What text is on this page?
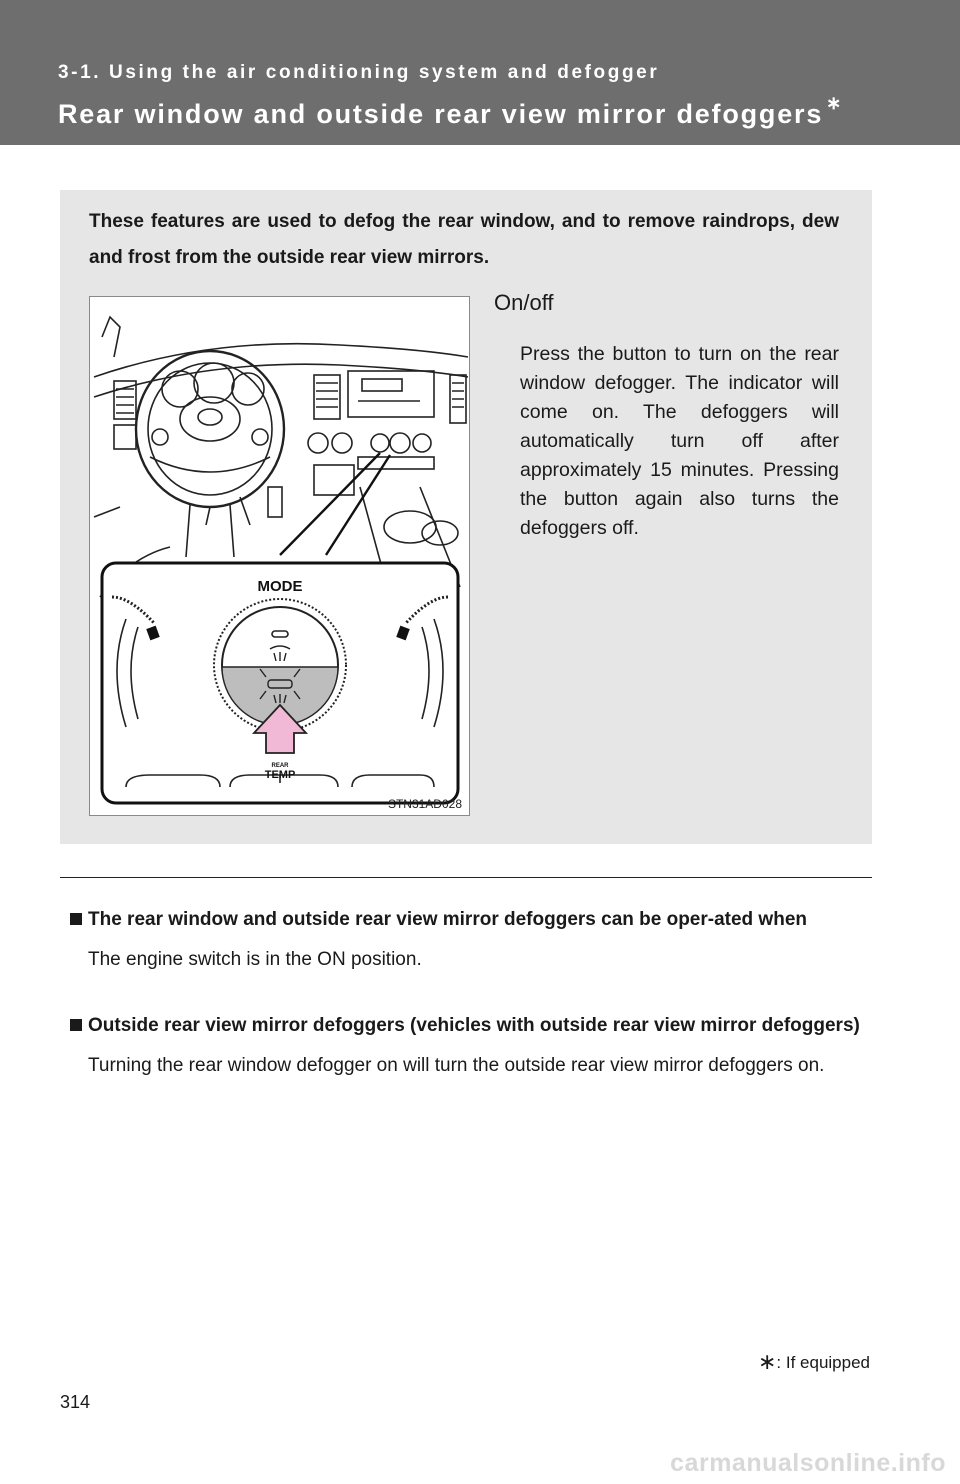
3-1. Using the air conditioning system and defogger
Rear window and outside rear view mirror defoggers ∗
These features are used to defog the rear window, and to remove raindrops, dew and frost from the outside rear view mirrors.
MODE
REAR
TEMP
STN31AD028
On/off
Press the button to turn on the rear window defogger. The indicator will come on. The defoggers will automatically turn off after approximately 15 minutes. Pressing the button again also turns the defoggers off.
The rear window and outside rear view mirror defoggers can be oper-ated when
The engine switch is in the ON position.
Outside rear view mirror defoggers (vehicles with outside rear view mirror defoggers)
Turning the rear window defogger on will turn the outside rear view mirror defoggers on.
∗: If equipped
314
carmanualsonline.info
